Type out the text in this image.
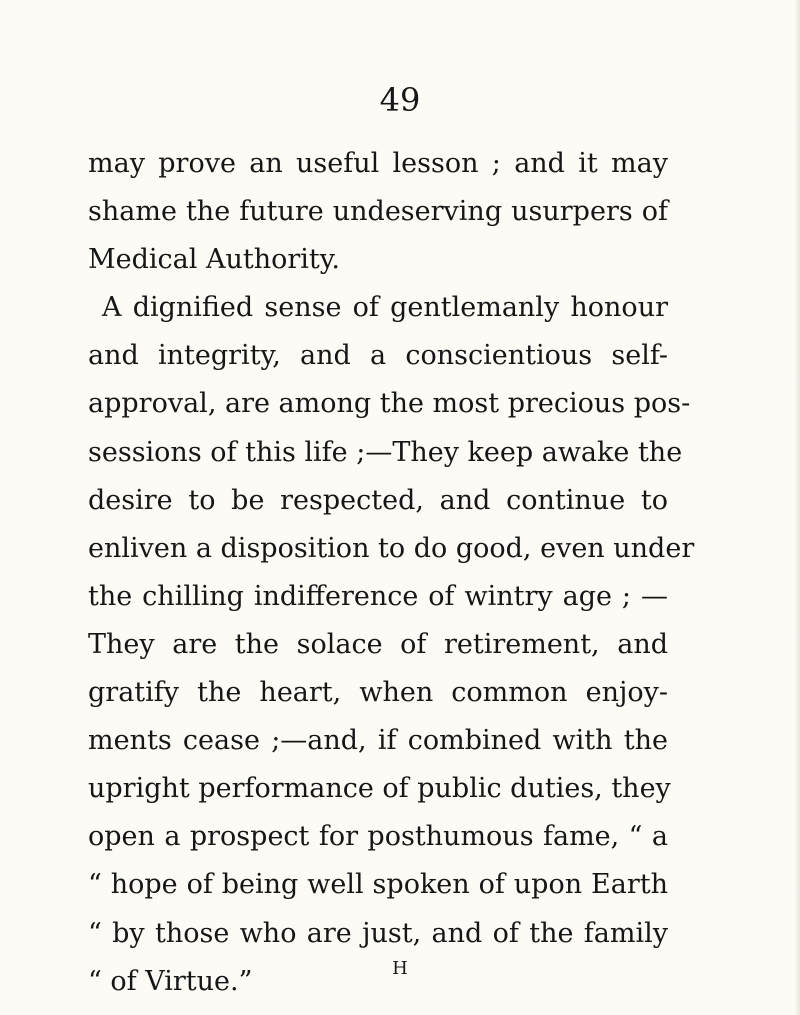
49
may prove an useful lesson ; and it may
shame the future undeserving usurpers of
Medical Authority.
A dignified sense of gentlemanly honour
and integrity, and a conscientious self-
approval, are among the most precious pos-
sessions of this life ;—They keep awake the
desire to be respected, and continue to
enliven a disposition to do good, even under
the chilling indifference of wintry age ; —
They are the solace of retirement, and
gratify the heart, when common enjoy-
ments cease ;—and, if combined with the
upright performance of public duties, they
open a prospect for posthumous fame, “ a
“ hope of being well spoken of upon Earth
“ by those who are just, and of the family
“ of Virtue.”	H
